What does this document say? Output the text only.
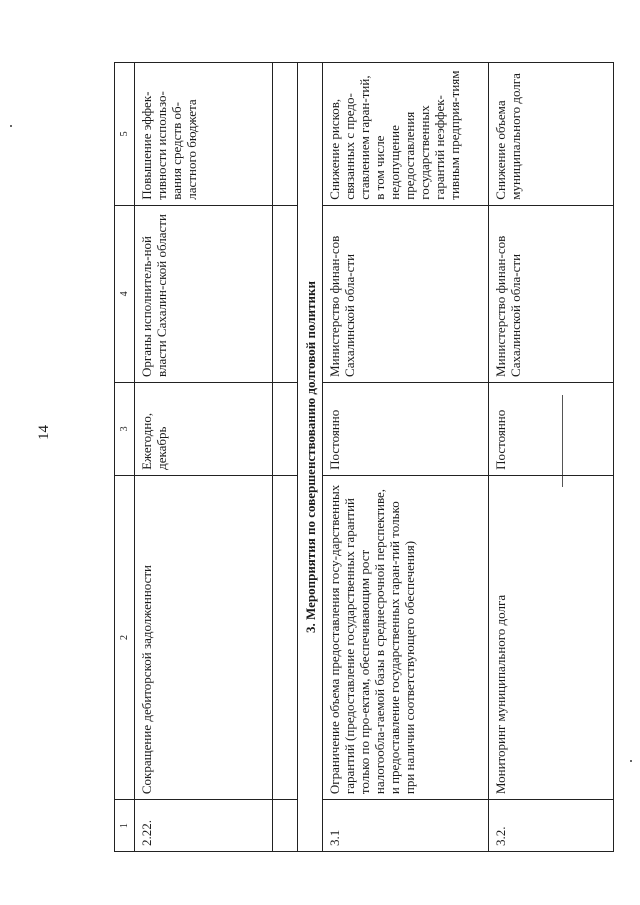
14
1	2	3	4	5
2.22.	Сокращение дебиторской задолженности	Ежегодно, декабрь	Органы исполнитель-ной власти Сахалин-ской области	Повышение эффек-тивности использо-вания средств об-ластного бюджета

3. Мероприятия по совершенствованию долговой политики				
3.1	Ограничение объема предоставления госу-дарственных гарантий (предоставление государственных гарантий только по про-ектам, обеспечивающим рост налогообла-гаемой базы в среднесрочной перспективе, и предоставление государственных гаран-тий только при наличии соответствующего обеспечения)	Постоянно	Министерство финан-сов Сахалинской обла-сти	Снижение рисков, связанных с предо-ставлением гаран-тий, в том числе недопущение предоставления государственных гарантий неэффек-тивным предприя-тиям
3.2.	Мониторинг муниципального долга	Постоянно	Министерство финан-сов Сахалинской обла-сти	Снижение объема муниципального долга
